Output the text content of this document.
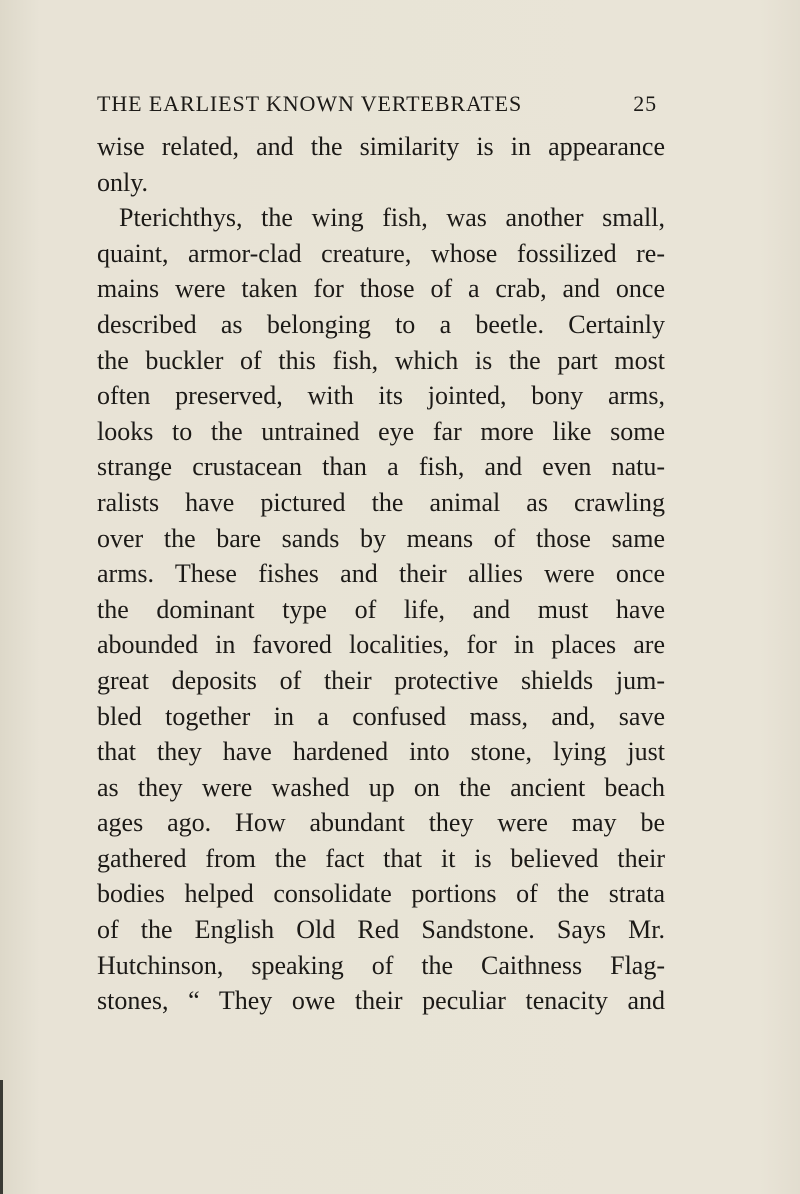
THE EARLIEST KNOWN VERTEBRATES	25
wise related, and the similarity is in appearance
only.
Pterichthys, the wing fish, was another small,
quaint, armor-clad creature, whose fossilized re-
mains were taken for those of a crab, and once
described as belonging to a beetle. Certainly
the buckler of this fish, which is the part most
often preserved, with its jointed, bony arms,
looks to the untrained eye far more like some
strange crustacean than a fish, and even natu-
ralists have pictured the animal as crawling
over the bare sands by means of those same
arms. These fishes and their allies were once
the dominant type of life, and must have
abounded in favored localities, for in places are
great deposits of their protective shields jum-
bled together in a confused mass, and, save
that they have hardened into stone, lying just
as they were washed up on the ancient beach
ages ago. How abundant they were may be
gathered from the fact that it is believed their
bodies helped consolidate portions of the strata
of the English Old Red Sandstone. Says Mr.
Hutchinson, speaking of the Caithness Flag-
stones, “ They owe their peculiar tenacity and
